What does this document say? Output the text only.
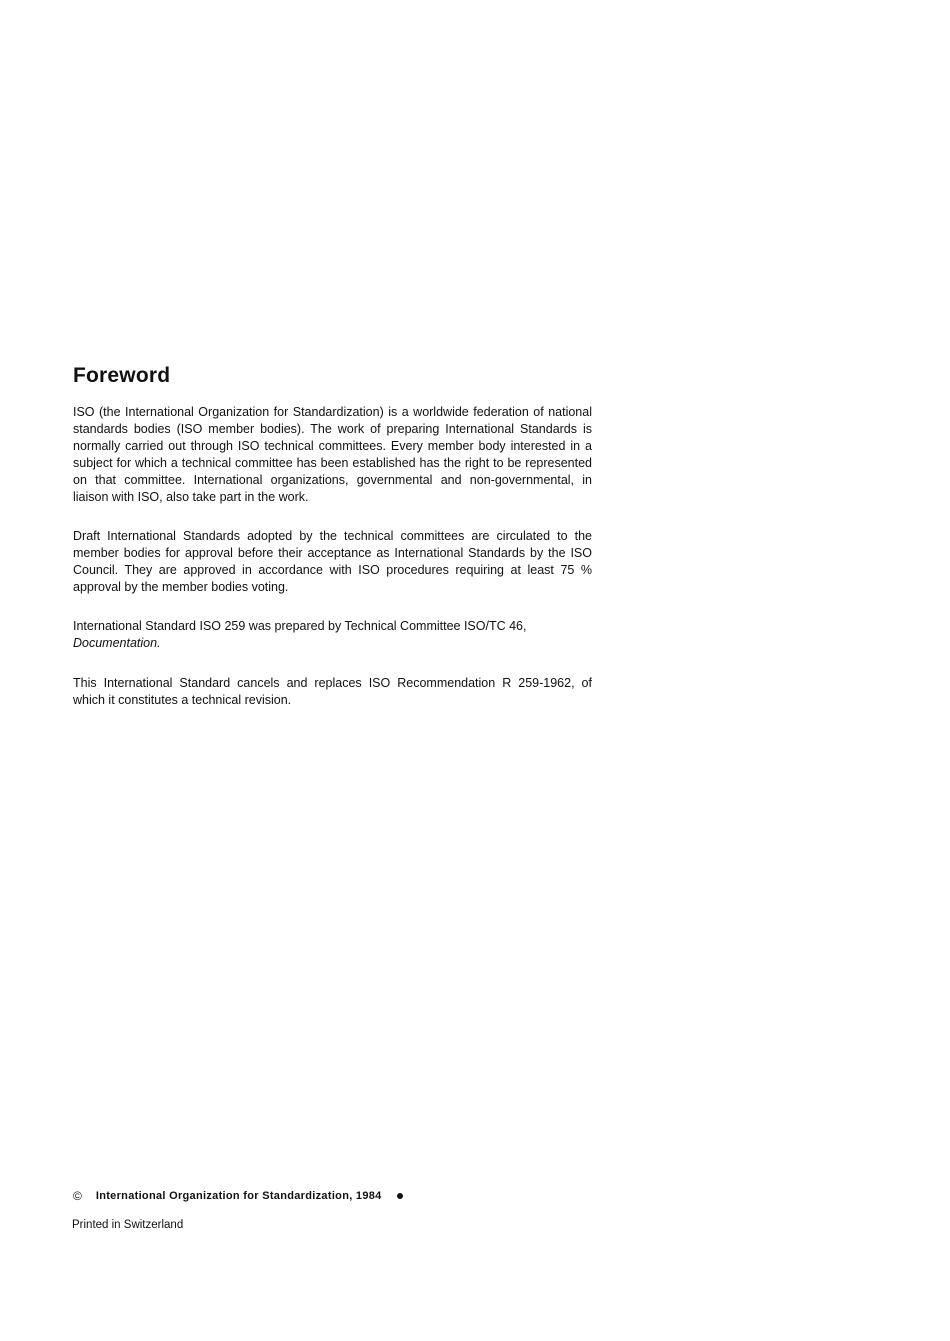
Foreword

ISO (the International Organization for Standardization) is a worldwide federation of national standards bodies (ISO member bodies). The work of preparing International Standards is normally carried out through ISO technical committees. Every member body interested in a subject for which a technical committee has been established has the right to be represented on that committee. International organizations, governmental and non-governmental, in liaison with ISO, also take part in the work.

Draft International Standards adopted by the technical committees are circulated to the member bodies for approval before their acceptance as International Standards by the ISO Council. They are approved in accordance with ISO procedures requiring at least 75 % approval by the member bodies voting.

International Standard ISO 259 was prepared by Technical Committee ISO/TC 46,
Documentation.

This International Standard cancels and replaces ISO Recommendation R 259-1962, of which it constitutes a technical revision.

© International Organization for Standardization, 1984

Printed in Switzerland
